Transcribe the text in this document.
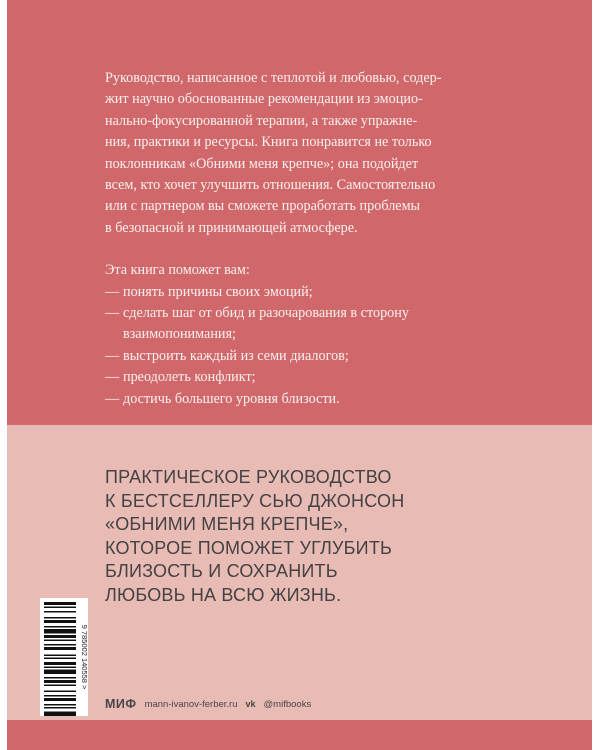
Руководство, написанное с теплотой и любовью, содер-
жит научно обоснованные рекомендации из эмоцио-
нально-фокусированной терапии, а также упражне-
ния, практики и ресурсы. Книга понравится не только
поклонникам «Обними меня крепче»; она подойдет
всем, кто хочет улучшить отношения. Самостоятельно
или с партнером вы сможете проработать проблемы
в безопасной и принимающей атмосфере.

Эта книга поможет вам:

— понять причины своих эмоций;
— сделать шаг от обид и разочарования в сторону взаимопонимания;
— выстроить каждый из семи диалогов;
— преодолеть конфликт;
— достичь большего уровня близости.
ПРАКТИЧЕСКОЕ РУКОВОДСТВО
К БЕСТСЕЛЛЕРУ СЬЮ ДЖОНСОН
«ОБНИМИ МЕНЯ КРЕПЧЕ»,
КОТОРОЕ ПОМОЖЕТ УГЛУБИТЬ
БЛИЗОСТЬ И СОХРАНИТЬ
ЛЮБОВЬ НА ВСЮ ЖИЗНЬ.
9 785002 140558 >
МИФ mann-ivanov-ferber.ru vk @mifbooks
